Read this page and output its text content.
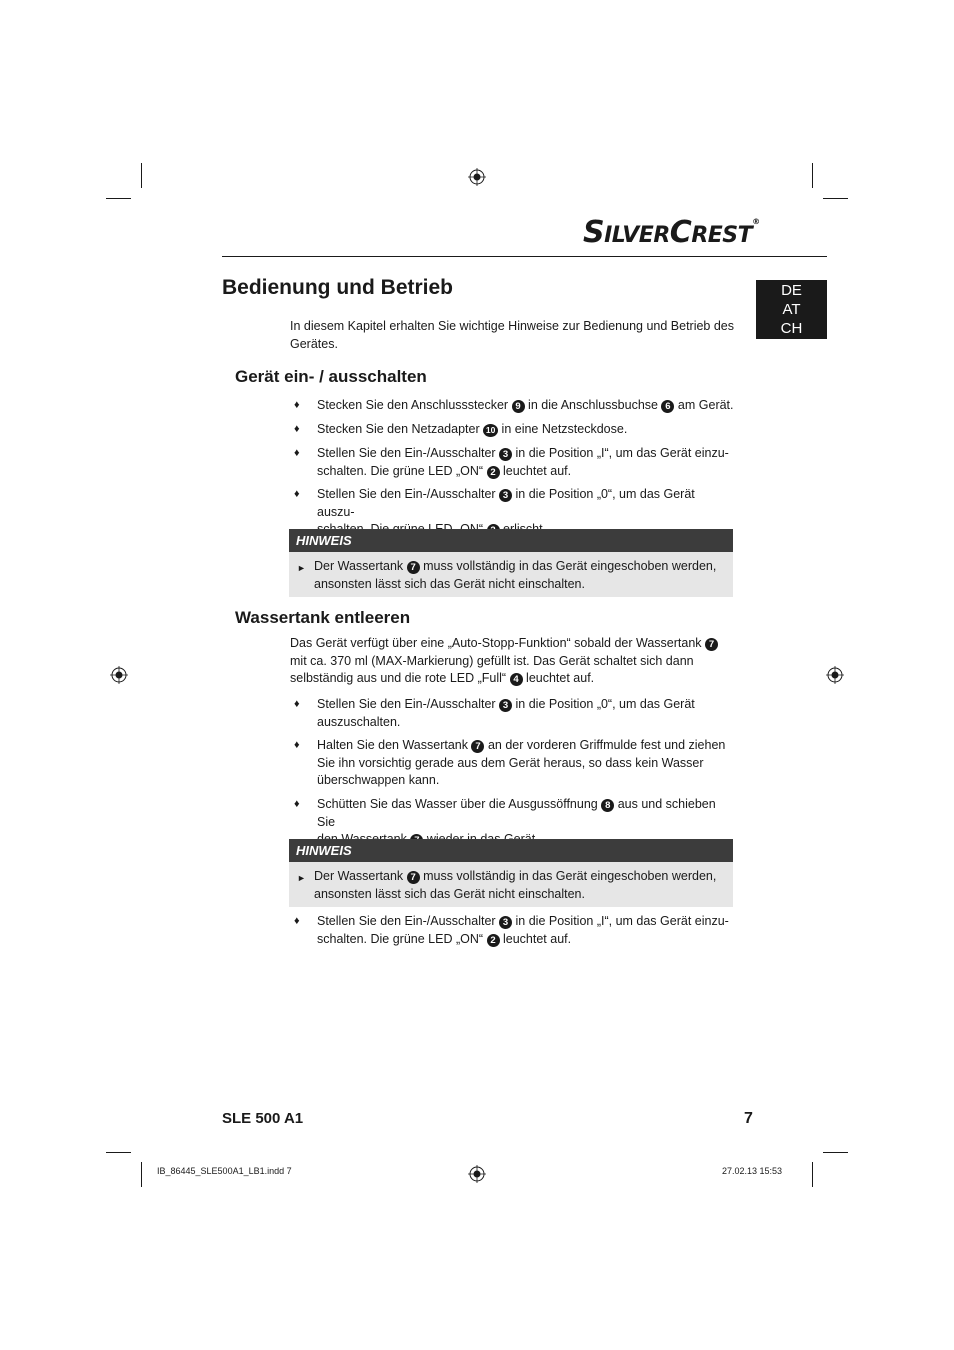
SILVERCREST®
Bedienung und Betrieb	DE
AT
CH
In diesem Kapitel erhalten Sie wichtige Hinweise zur Bedienung und Betrieb des Gerätes.
Gerät ein- / ausschalten
♦ Stecken Sie den Anschlussstecker 9 in die Anschlussbuchse 6 am Gerät.
♦ Stecken Sie den Netzadapter 10 in eine Netzsteckdose.
♦ Stellen Sie den Ein-/Ausschalter 3 in die Position „I“, um das Gerät einzu-
schalten. Die grüne LED „ON“ 2 leuchtet auf.
♦ Stellen Sie den Ein-/Ausschalter 3 in die Position „0“, um das Gerät auszu-

HINWEIS
► Der Wassertank 7 muss vollständig in das Gerät eingeschoben werden,
ansonsten lässt sich das Gerät nicht einschalten.
Wassertank entleeren
Das Gerät verfügt über eine „Auto-Stopp-Funktion“ sobald der Wassertank 7
mit ca. 370 ml (MAX-Markierung) gefüllt ist. Das Gerät schaltet sich dann
selbständig aus und die rote LED „Full“ 4 leuchtet auf.
♦ Stellen Sie den Ein-/Ausschalter 3 in die Position „0“, um das Gerät
auszuschalten.
♦ Halten Sie den Wassertank 7 an der vorderen Griffmulde fest und ziehen
Sie ihn vorsichtig gerade aus dem Gerät heraus, so dass kein Wasser
überschwappen kann.
♦ Schütten Sie das Wasser über die Ausgussöffnung 8 aus und schieben Sie

HINWEIS
► Der Wassertank 7 muss vollständig in das Gerät eingeschoben werden,
ansonsten lässt sich das Gerät nicht einschalten.
♦ Stellen Sie den Ein-/Ausschalter 3 in die Position „I“, um das Gerät einzu-
schalten. Die grüne LED „ON“ 2 leuchtet auf.
SLE 500 A1	7
IB_86445_SLE500A1_LB1.indd 7	27.02.13 15:53
